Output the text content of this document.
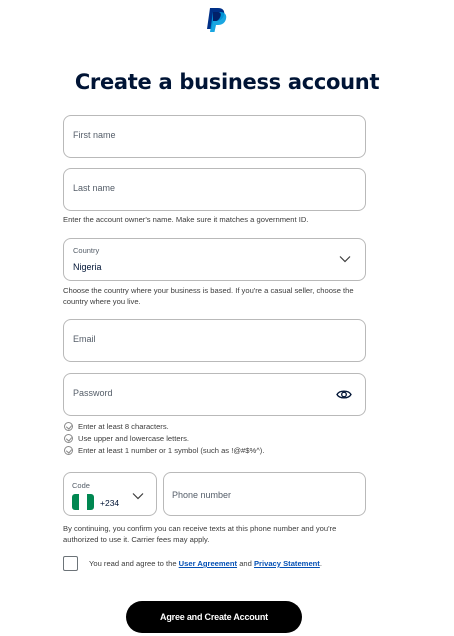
Create a business account
First name
Last name
Enter the account owner's name. Make sure it matches a government ID.
Country
Nigeria
Choose the country where your business is based. If you're a casual seller, choose the country where you live.
Email
Password
Enter at least 8 characters.
Use upper and lowercase letters.
Enter at least 1 number or 1 symbol (such as !@#$%^).
Code
+234
Phone number
By continuing, you confirm you can receive texts at this phone number and you're authorized to use it. Carrier fees may apply.
You read and agree to the User Agreement and Privacy Statement.
Agree and Create Account
